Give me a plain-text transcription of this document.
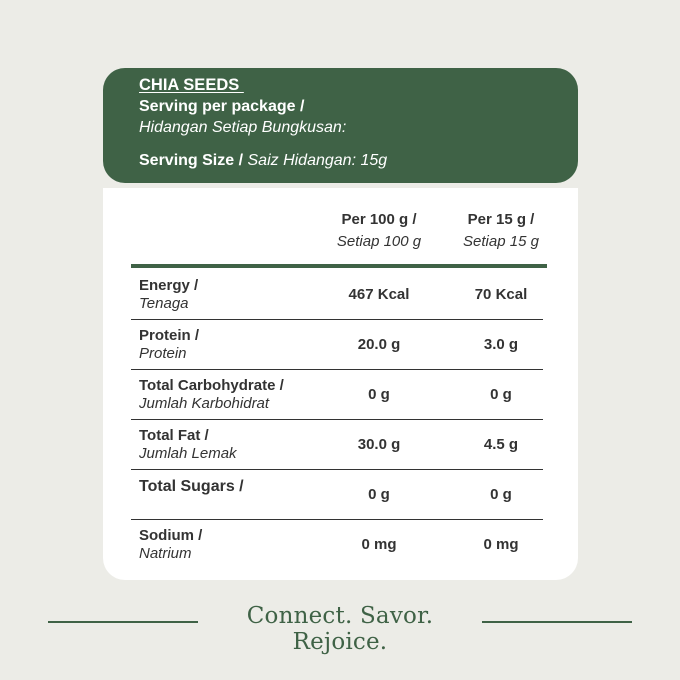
CHIA SEEDS

Serving per package /
Hidangan Setiap Bungkusan:

Serving Size / Saiz Hidangan: 15g

Per 100 g /
Setiap 100 g
Per 15 g /
Setiap 15 g
Energy /
Tenaga
467 Kcal	70 Kcal
Protein /
Protein
20.0 g	3.0 g
Total Carbohydrate /
Jumlah Karbohidrat
0 g	0 g
Total Fat /
Jumlah Lemak
30.0 g	4.5 g
Total Sugars /	0 g	0 g
Sodium /
Natrium
0 mg	0 mg
Connect. Savor. Rejoice.
